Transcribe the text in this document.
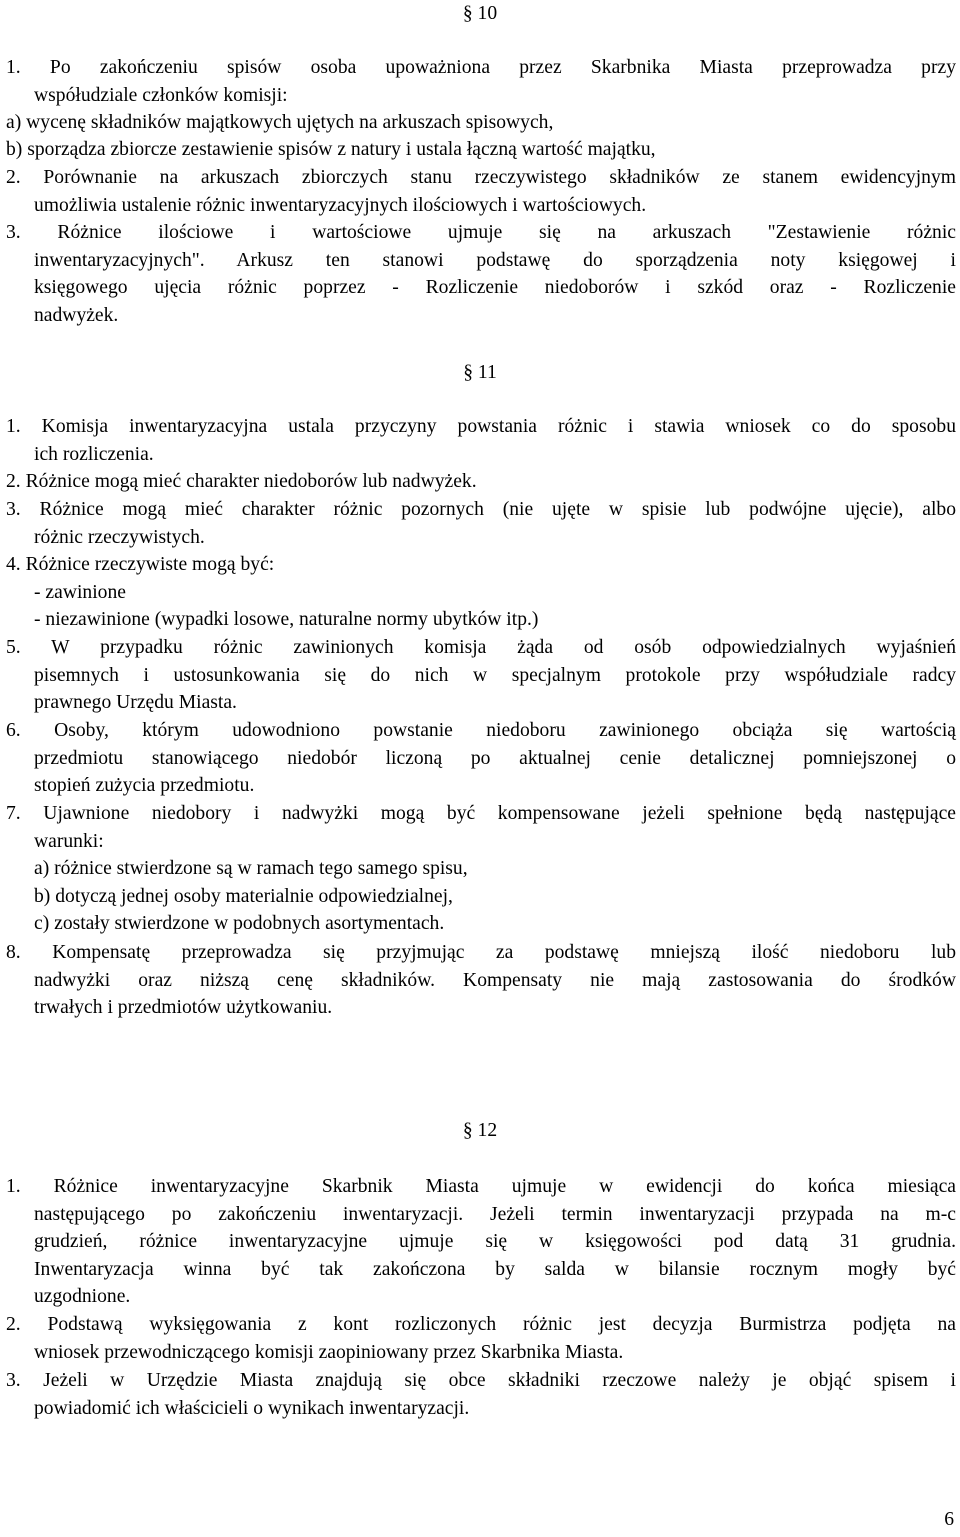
§ 10
1. Po zakończeniu spisów osoba upoważniona przez Skarbnika Miasta przeprowadza przy
współudziale członków komisji:
a) wycenę składników majątkowych ujętych na arkuszach spisowych,
b) sporządza zbiorcze zestawienie spisów z natury i ustala łączną wartość majątku,
2. Porównanie na arkuszach zbiorczych stanu rzeczywistego składników ze stanem ewidencyjnym
umożliwia ustalenie różnic inwentaryzacyjnych ilościowych i wartościowych.
3. Różnice ilościowe i wartościowe ujmuje się na arkuszach "Zestawienie różnic
inwentaryzacyjnych". Arkusz ten stanowi podstawę do sporządzenia noty księgowej i
księgowego ujęcia różnic poprzez - Rozliczenie niedoborów i szkód oraz - Rozliczenie
nadwyżek.
§ 11
1. Komisja inwentaryzacyjna ustala przyczyny powstania różnic i stawia wniosek co do sposobu
ich rozliczenia.
2. Różnice mogą mieć charakter niedoborów lub nadwyżek.
3. Różnice mogą mieć charakter różnic pozornych (nie ujęte w spisie lub podwójne ujęcie), albo
różnic rzeczywistych.
4. Różnice rzeczywiste mogą być:
- zawinione
- niezawinione (wypadki losowe, naturalne normy ubytków itp.)
5. W przypadku różnic zawinionych komisja żąda od osób odpowiedzialnych wyjaśnień
pisemnych i ustosunkowania się do nich w specjalnym protokole przy współudziale radcy
prawnego Urzędu Miasta.
6. Osoby, którym udowodniono powstanie niedoboru zawinionego obciąża się wartością
przedmiotu stanowiącego niedobór liczoną po aktualnej cenie detalicznej pomniejszonej o
stopień zużycia przedmiotu.
7. Ujawnione niedobory i nadwyżki mogą być kompensowane jeżeli spełnione będą następujące
warunki:
a) różnice stwierdzone są w ramach tego samego spisu,
b) dotyczą jednej osoby materialnie odpowiedzialnej,
c) zostały stwierdzone w podobnych asortymentach.
8. Kompensatę przeprowadza się przyjmując za podstawę mniejszą ilość niedoboru lub
nadwyżki oraz niższą cenę składników. Kompensaty nie mają zastosowania do środków
trwałych i przedmiotów użytkowaniu.
§ 12
1. Różnice inwentaryzacyjne Skarbnik Miasta ujmuje w ewidencji do końca miesiąca
następującego po zakończeniu inwentaryzacji. Jeżeli termin inwentaryzacji przypada na m-c
grudzień, różnice inwentaryzacyjne ujmuje się w księgowości pod datą 31 grudnia.
Inwentaryzacja winna być tak zakończona by salda w bilansie rocznym mogły być
uzgodnione.
2. Podstawą wyksięgowania z kont rozliczonych różnic jest decyzja Burmistrza podjęta na
wniosek przewodniczącego komisji zaopiniowany przez Skarbnika Miasta.
3. Jeżeli w Urzędzie Miasta znajdują się obce składniki rzeczowe należy je objąć spisem i
powiadomić ich właścicieli o wynikach inwentaryzacji.
6
